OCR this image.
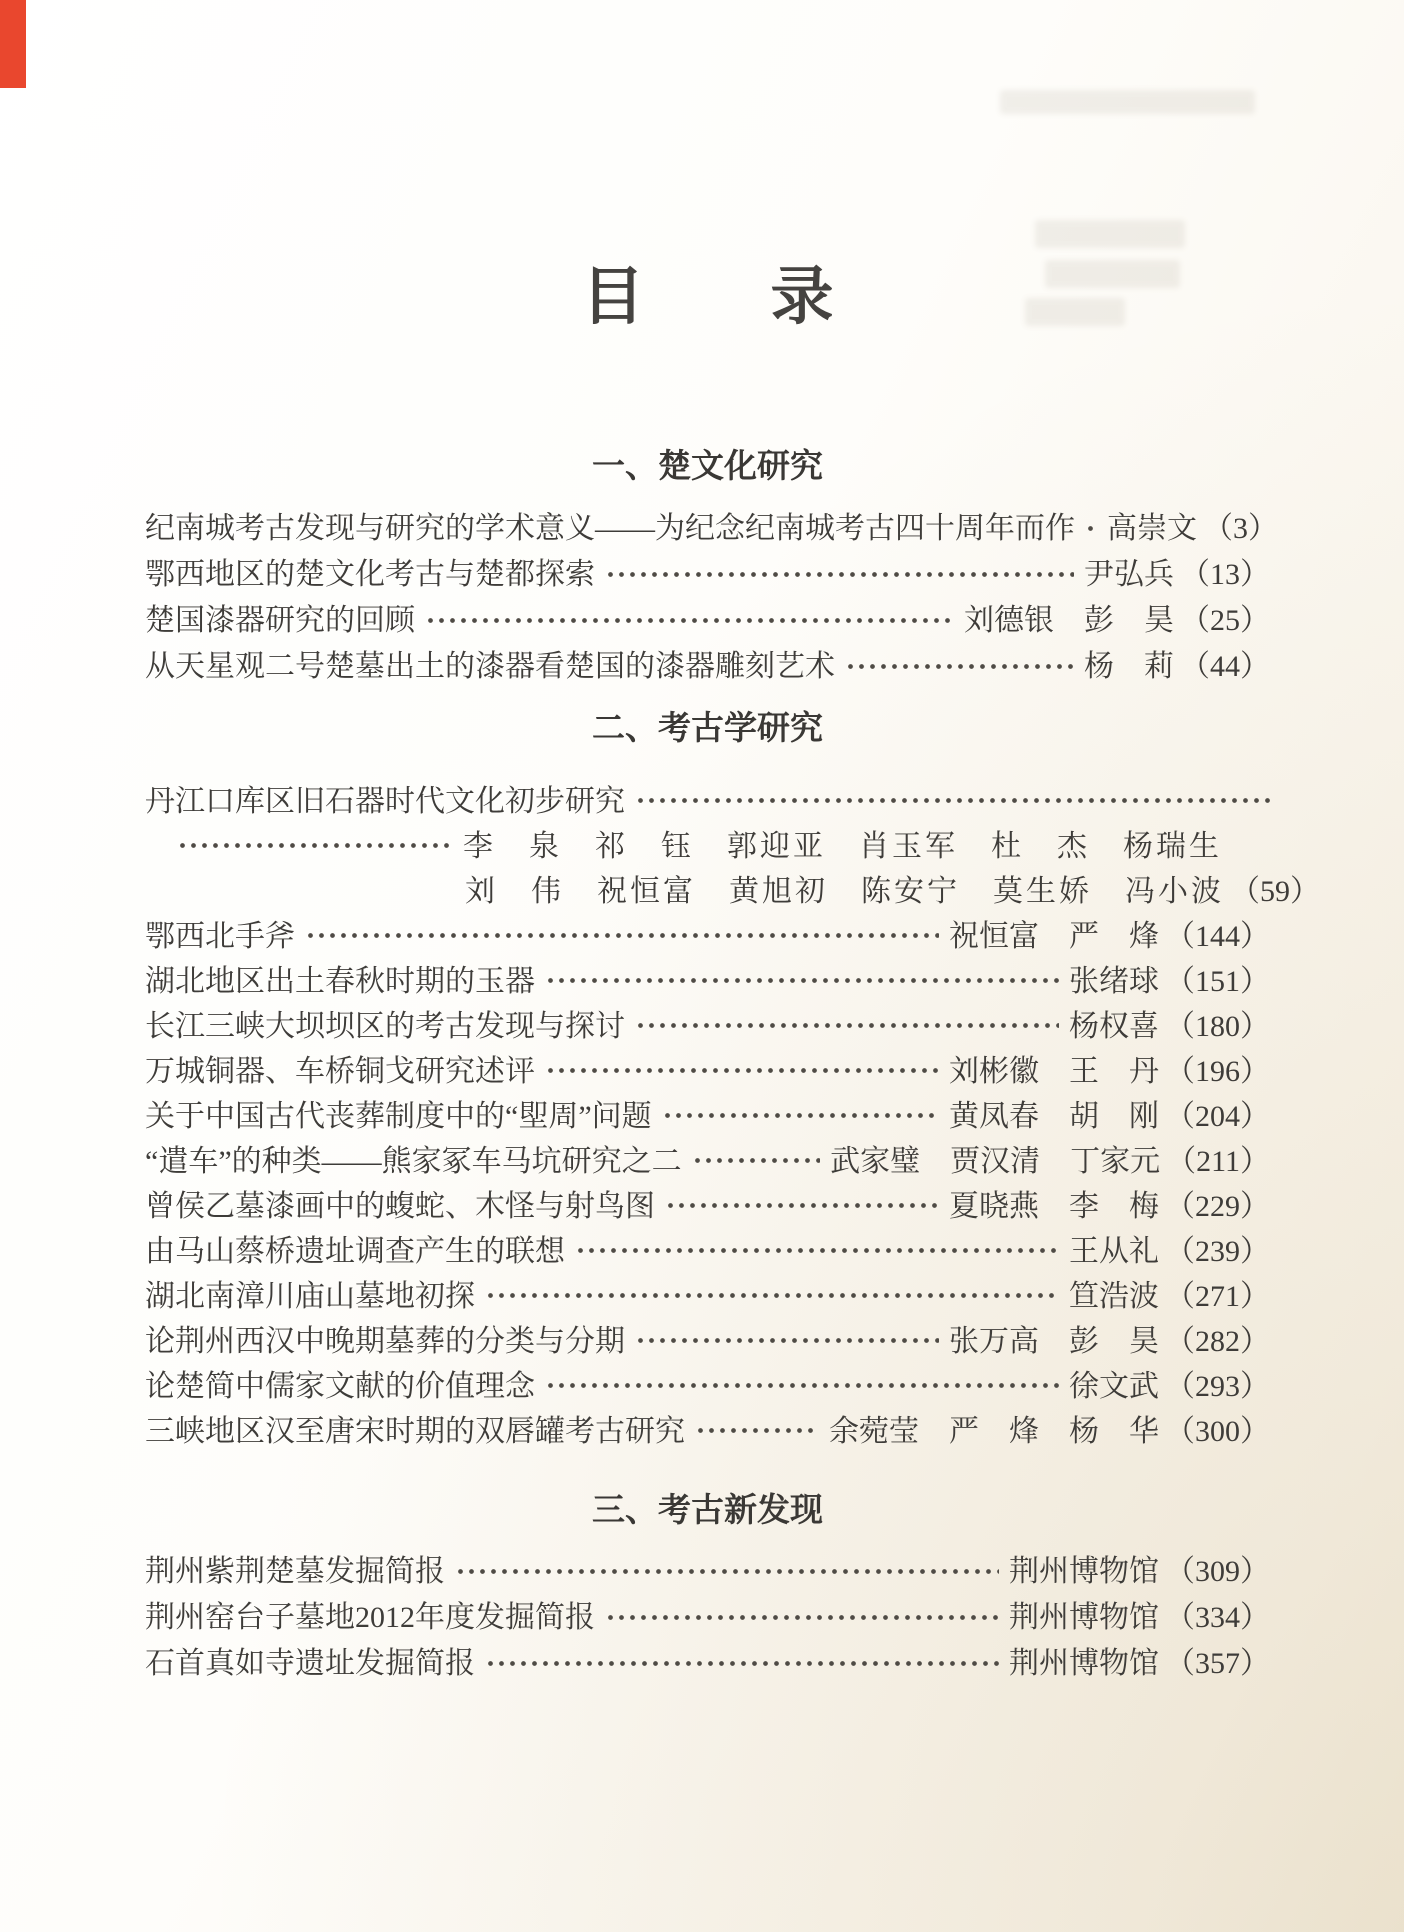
目　　录
一、楚文化研究
纪南城考古发现与研究的学术意义——为纪念纪南城考古四十周年而作 高崇文 （3）
鄂西地区的楚文化考古与楚都探索	尹弘兵 （13）
楚国漆器研究的回顾	刘德银　彭　昊 （25）
从天星观二号楚墓出土的漆器看楚国的漆器雕刻艺术	杨　莉 （44）
二、考古学研究
丹江口库区旧石器时代文化初步研究
李　泉　祁　钰　郭迎亚　肖玉军　杜　杰　杨瑞生
刘　伟　祝恒富　黄旭初　陈安宁　莫生娇　冯小波 （59）
鄂西北手斧	祝恒富　严　烽 （144）
湖北地区出土春秋时期的玉器	张绪球 （151）
长江三峡大坝坝区的考古发现与探讨	杨权喜 （180）
万城铜器、车桥铜戈研究述评	刘彬徽　王　丹 （196）
关于中国古代丧葬制度中的“堲周”问题	黄凤春　胡　刚 （204）
“遣车”的种类——熊家冢车马坑研究之二	武家璧　贾汉清　丁家元 （211）
曾侯乙墓漆画中的蝮蛇、木怪与射鸟图	夏晓燕　李　梅 （229）
由马山蔡桥遗址调查产生的联想	王从礼 （239）
湖北南漳川庙山墓地初探	笪浩波 （271）
论荆州西汉中晚期墓葬的分类与分期	张万高　彭　昊 （282）
论楚简中儒家文献的价值理念	徐文武 （293）
三峡地区汉至唐宋时期的双唇罐考古研究	余菀莹　严　烽　杨　华 （300）
三、考古新发现
荆州紫荆楚墓发掘简报	荆州博物馆 （309）
荆州窑台子墓地2012年度发掘简报	荆州博物馆 （334）
石首真如寺遗址发掘简报	荆州博物馆 （357）
